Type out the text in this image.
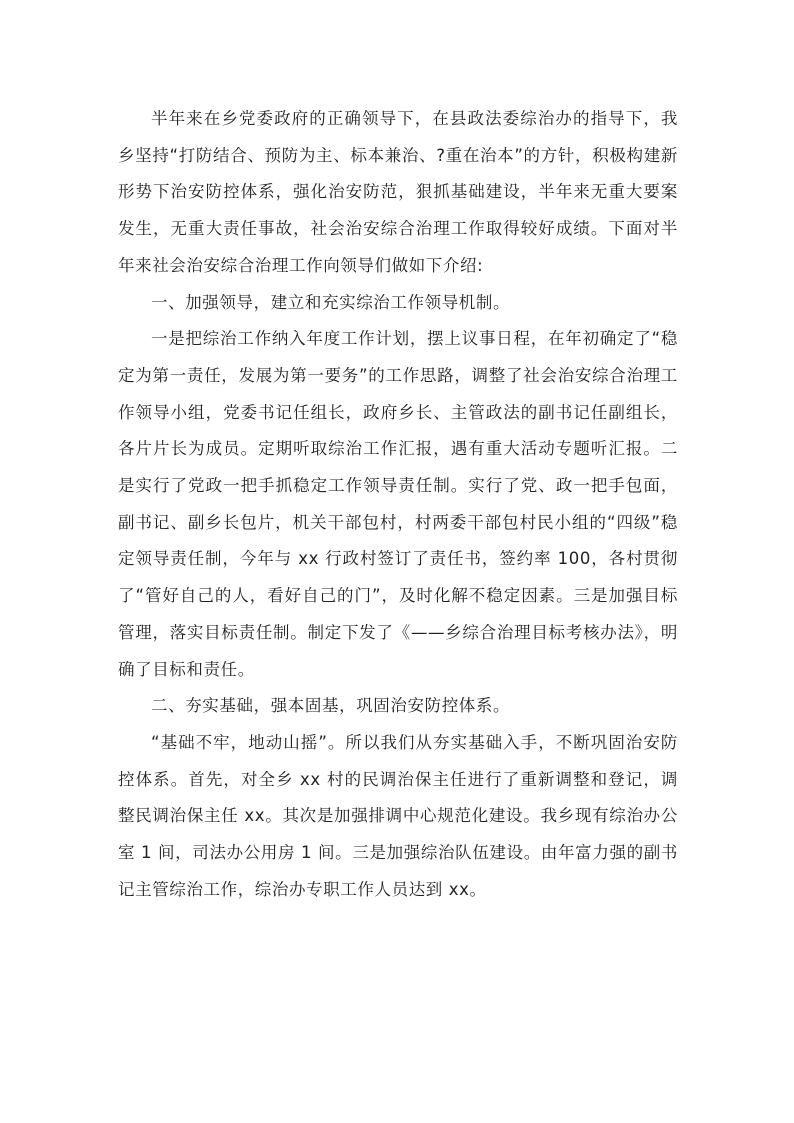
半年来在乡党委政府的正确领导下，在县政法委综治办的指导下，我乡坚持“打防结合、预防为主、标本兼治、?重在治本”的方针，积极构建新形势下治安防控体系，强化治安防范，狠抓基础建设，半年来无重大要案发生，无重大责任事故，社会治安综合治理工作取得较好成绩。下面对半年来社会治安综合治理工作向领导们做如下介绍:

一、加强领导，建立和充实综治工作领导机制。

一是把综治工作纳入年度工作计划，摆上议事日程，在年初确定了“稳定为第一责任，发展为第一要务”的工作思路，调整了社会治安综合治理工作领导小组，党委书记任组长，政府乡长、主管政法的副书记任副组长，各片片长为成员。定期听取综治工作汇报，遇有重大活动专题听汇报。二是实行了党政一把手抓稳定工作领导责任制。实行了党、政一把手包面，副书记、副乡长包片，机关干部包村，村两委干部包村民小组的“四级”稳定领导责任制，今年与 xx 行政村签订了责任书，签约率 100，各村贯彻了“管好自己的人，看好自己的门”，及时化解不稳定因素。三是加强目标管理，落实目标责任制。制定下发了《——乡综合治理目标考核办法》，明确了目标和责任。

二、夯实基础，强本固基，巩固治安防控体系。

“基础不牢，地动山摇”。所以我们从夯实基础入手，不断巩固治安防控体系。首先，对全乡 xx 村的民调治保主任进行了重新调整和登记，调整民调治保主任 xx。其次是加强排调中心规范化建设。我乡现有综治办公室 1 间，司法办公用房 1 间。三是加强综治队伍建设。由年富力强的副书记主管综治工作，综治办专职工作人员达到 xx。
